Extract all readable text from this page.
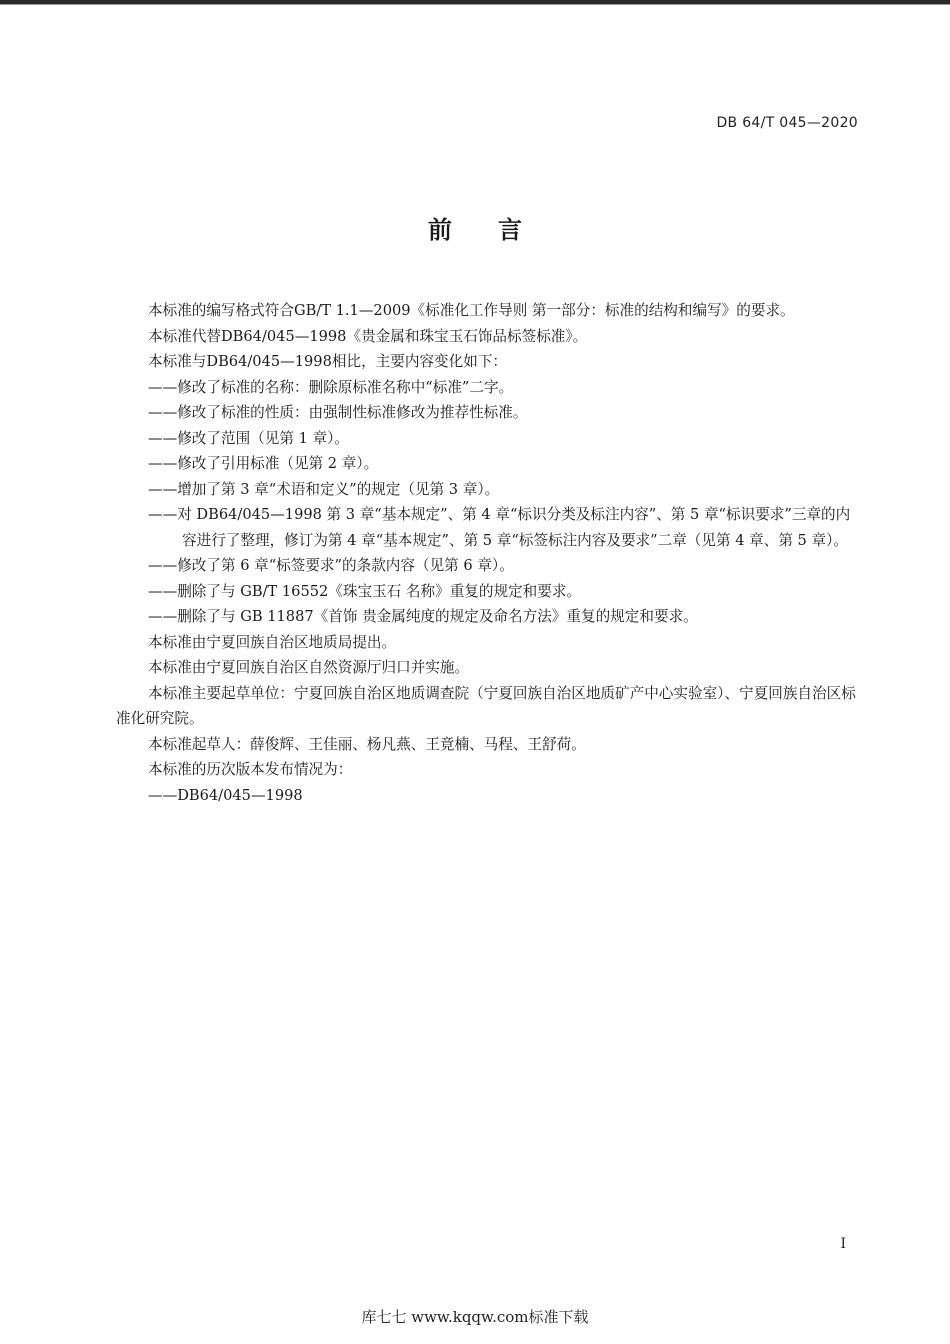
DB 64/T 045—2020
前言

本标准的编写格式符合GB/T 1.1—2009《标准化工作导则 第一部分：标准的结构和编写》的要求。

本标准代替DB64/045—1998《贵金属和珠宝玉石饰品标签标准》。

本标准与DB64/045—1998相比，主要内容变化如下：

——修改了标准的名称：删除原标准名称中“标准”二字。

——修改了标准的性质：由强制性标准修改为推荐性标准。

——修改了范围（见第 1 章）。

——修改了引用标准（见第 2 章）。

——增加了第 3 章“术语和定义”的规定（见第 3 章）。

——对 DB64/045—1998 第 3 章“基本规定”、第 4 章“标识分类及标注内容”、第 5 章“标识要求”三章的内容进行了整理，修订为第 4 章“基本规定”、第 5 章“标签标注内容及要求”二章（见第 4 章、第 5 章）。

——修改了第 6 章“标签要求”的条款内容（见第 6 章）。

——删除了与 GB/T 16552《珠宝玉石 名称》重复的规定和要求。

——删除了与 GB 11887《首饰 贵金属纯度的规定及命名方法》重复的规定和要求。

本标准由宁夏回族自治区地质局提出。

本标准由宁夏回族自治区自然资源厅归口并实施。

本标准主要起草单位：宁夏回族自治区地质调查院（宁夏回族自治区地质矿产中心实验室）、宁夏回族自治区标准化研究院。

本标准起草人：薛俊辉、王佳丽、杨凡燕、王竟楠、马程、王舒荷。

本标准的历次版本发布情况为：

——DB64/045—1998

I
库七七 www.kqqw.com标准下载
